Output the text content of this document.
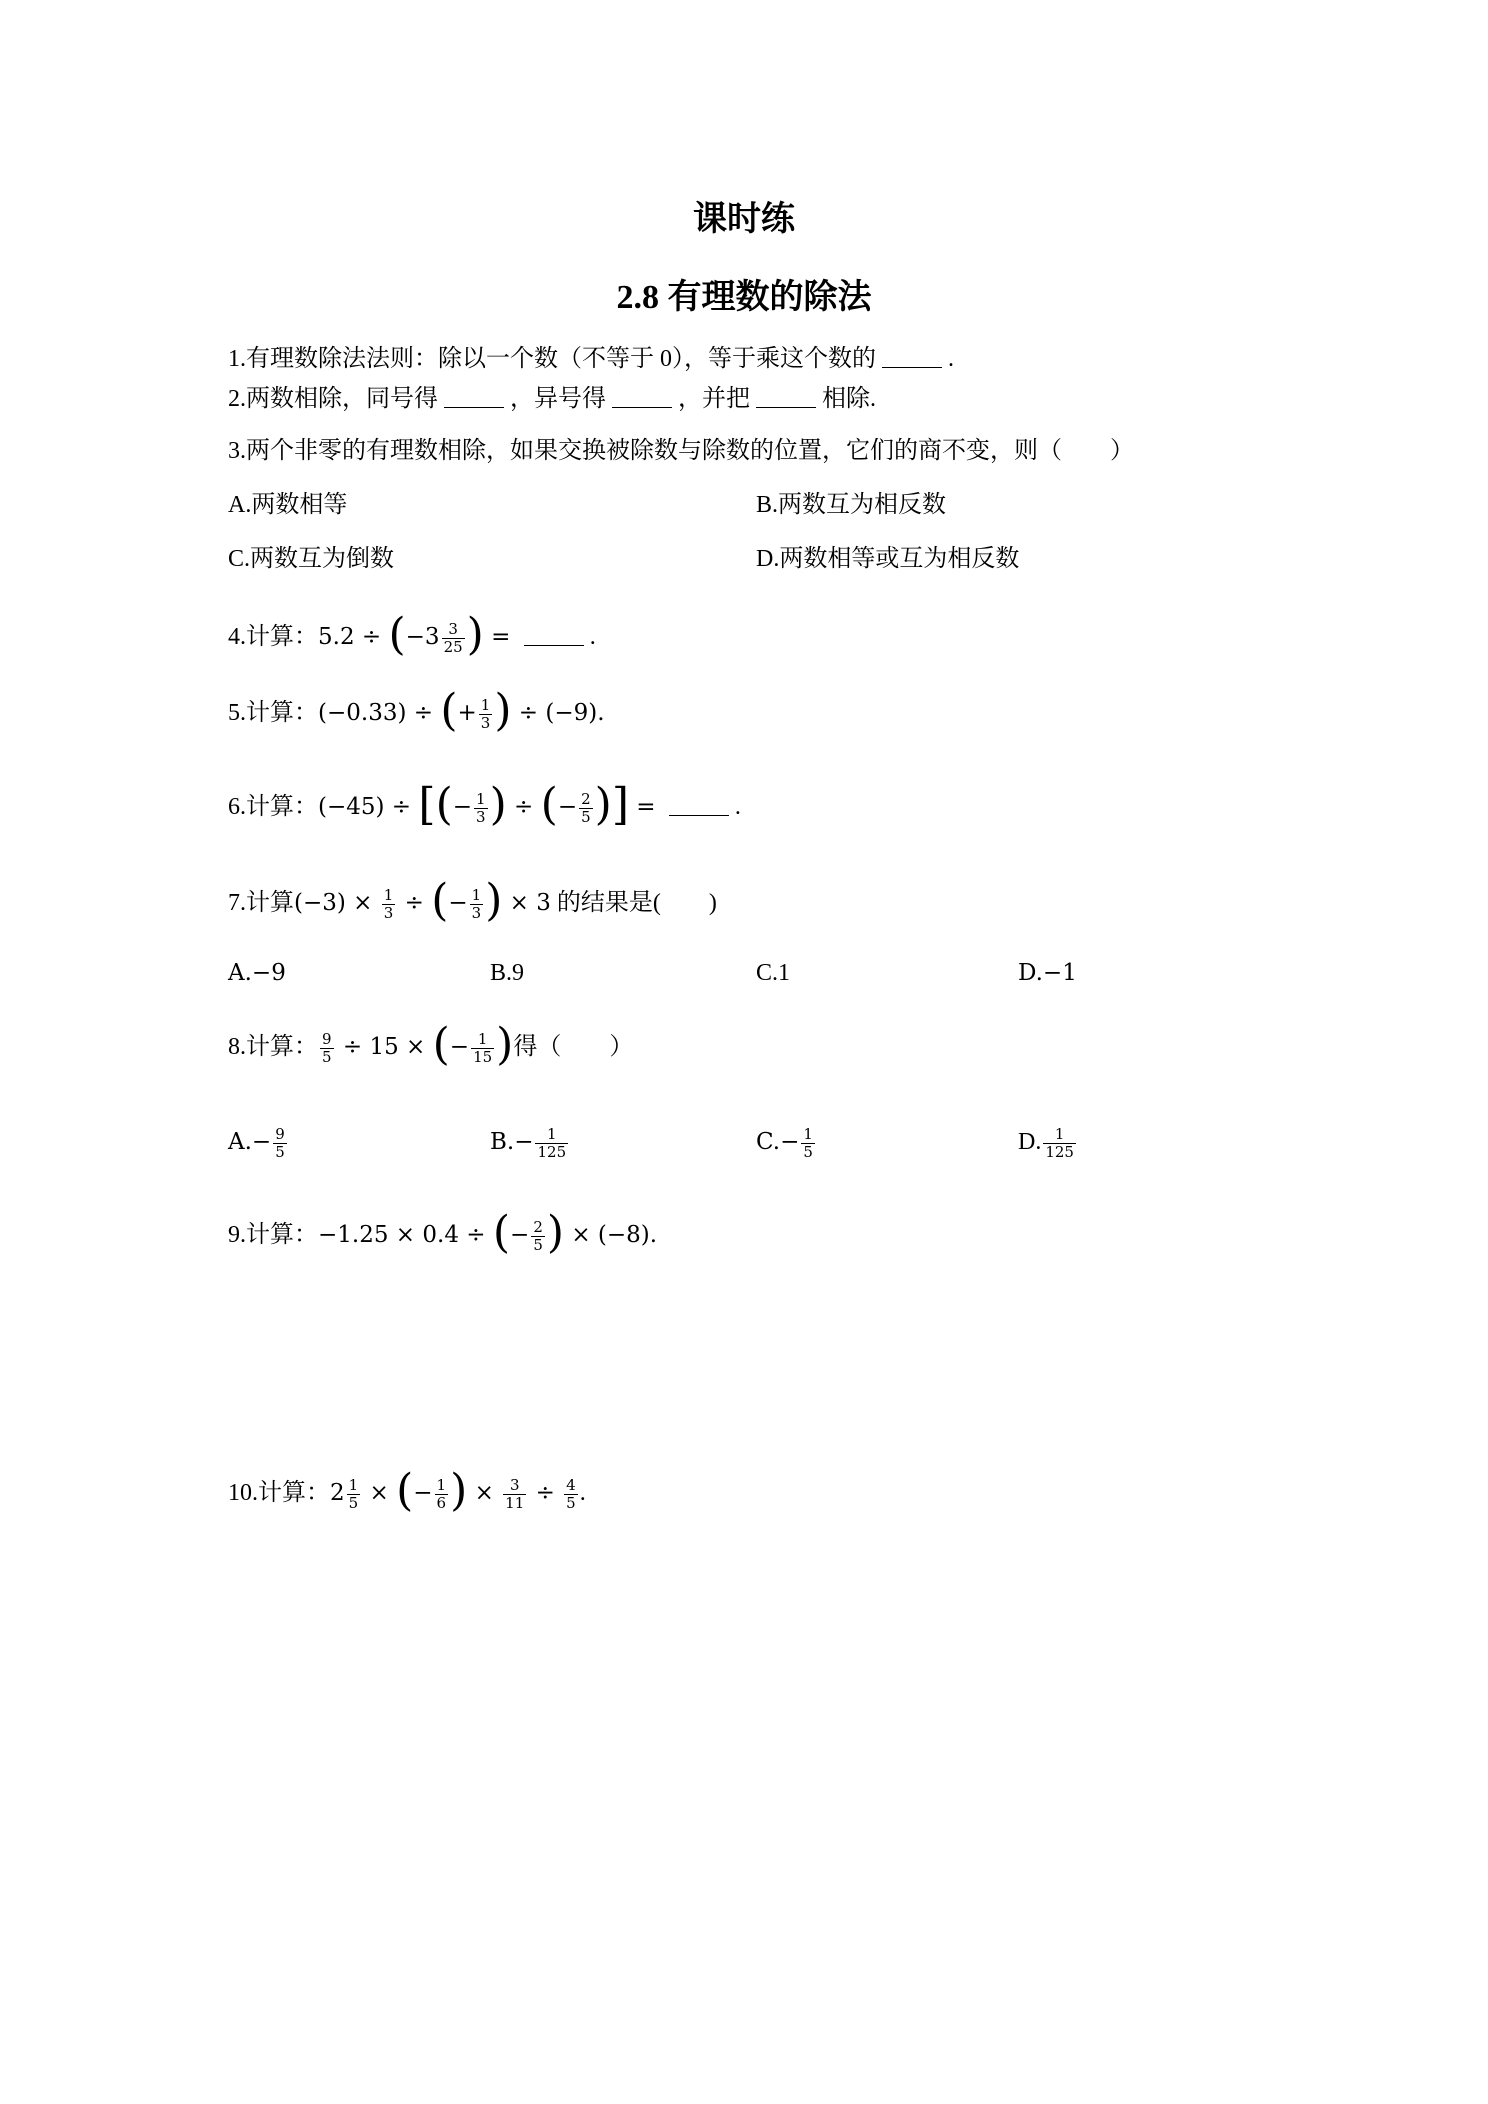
课时练
2.8 有理数的除法
1.有理数除法法则：除以一个数（不等于 0），等于乘这个数的	.
2.两数相除，同号得	，异号得	，并把	相除.
3.两个非零的有理数相除，如果交换被除数与除数的位置，它们的商不变，则（　　）
A.两数相等	B.两数互为相反数
C.两数互为倒数	D.两数相等或互为相反数
4.计算：$5.2 \div (-3 \frac{3}{25}$ ) =	.
5.计算：(−0.33) ÷ (+ $\frac{1}{3}$ ) ÷ (−9).
6.计算：(−45) ÷ [(− $\frac{1}{3}$ ) ÷ (− $\frac{2}{5}$ )] =	.
7.计算$(-3) \times \frac{1}{3}$ ÷ (− $\frac{1}{3}$ ) × 3 的结果是(　　)
A.−9	B.9	C.1	D.−1
8.计算： $\frac{9}{5} \div 15$ × (− $\frac{1}{15}$ )得（　　）
$A.- \frac{9}{5}$	$B.- \frac{1}{125}$	$C.- \frac{1}{5}$	D. $\frac{1}{125}$
9.计算：−1.25 × 0.4 ÷ (− $\frac{2}{5}$ ) × (−8).
10.计算：$2 \frac{1}{5}$ × (− $\frac{1}{6}$ ) × $\frac{3}{11} \div \frac{4}{5}$ .
